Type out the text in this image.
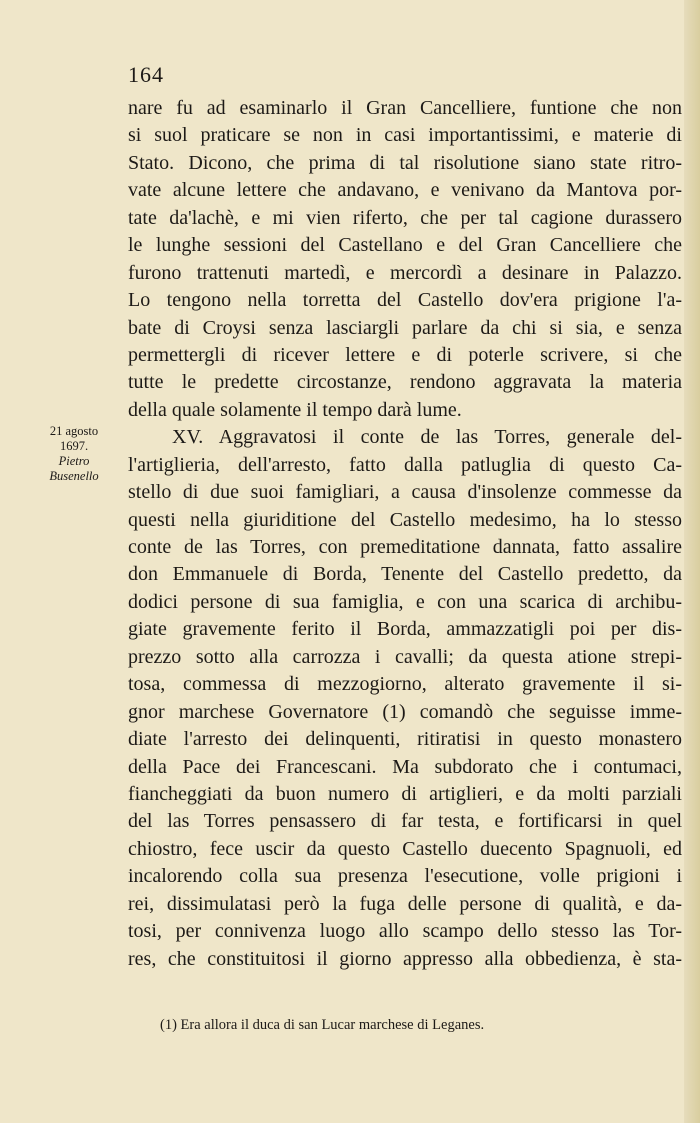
164
21 agosto
1697.
Pietro
Busenello
nare fu ad esaminarlo il Gran Cancelliere, funtione che non
si suol praticare se non in casi importantissimi, e materie di
Stato. Dicono, che prima di tal risolutione siano state ritro-
vate alcune lettere che andavano, e venivano da Mantova por-
tate da'lachè, e mi vien riferto, che per tal cagione durassero
le lunghe sessioni del Castellano e del Gran Cancelliere che
furono trattenuti martedì, e mercordì a desinare in Palazzo.
Lo tengono nella torretta del Castello dov'era prigione l'a-
bate di Croysi senza lasciargli parlare da chi si sia, e senza
permettergli di ricever lettere e di poterle scrivere, si che
tutte le predette circostanze, rendono aggravata la materia
della quale solamente il tempo darà lume.
XV. Aggravatosi il conte de las Torres, generale del-
l'artiglieria, dell'arresto, fatto dalla patluglia di questo Ca-
stello di due suoi famigliari, a causa d'insolenze commesse da
questi nella giuriditione del Castello medesimo, ha lo stesso
conte de las Torres, con premeditatione dannata, fatto assalire
don Emmanuele di Borda, Tenente del Castello predetto, da
dodici persone di sua famiglia, e con una scarica di archibu-
giate gravemente ferito il Borda, ammazzatigli poi per dis-
prezzo sotto alla carrozza i cavalli; da questa atione strepi-
tosa, commessa di mezzogiorno, alterato gravemente il si-
gnor marchese Governatore (1) comandò che seguisse imme-
diate l'arresto dei delinquenti, ritiratisi in questo monastero
della Pace dei Francescani. Ma subdorato che i contumaci,
fiancheggiati da buon numero di artiglieri, e da molti parziali
del las Torres pensassero di far testa, e fortificarsi in quel
chiostro, fece uscir da questo Castello duecento Spagnuoli, ed
incalorendo colla sua presenza l'esecutione, volle prigioni i
rei, dissimulatasi però la fuga delle persone di qualità, e da-
tosi, per connivenza luogo allo scampo dello stesso las Tor-
res, che constituitosi il giorno appresso alla obbedienza, è sta-
(1) Era allora il duca di san Lucar marchese di Leganes.
